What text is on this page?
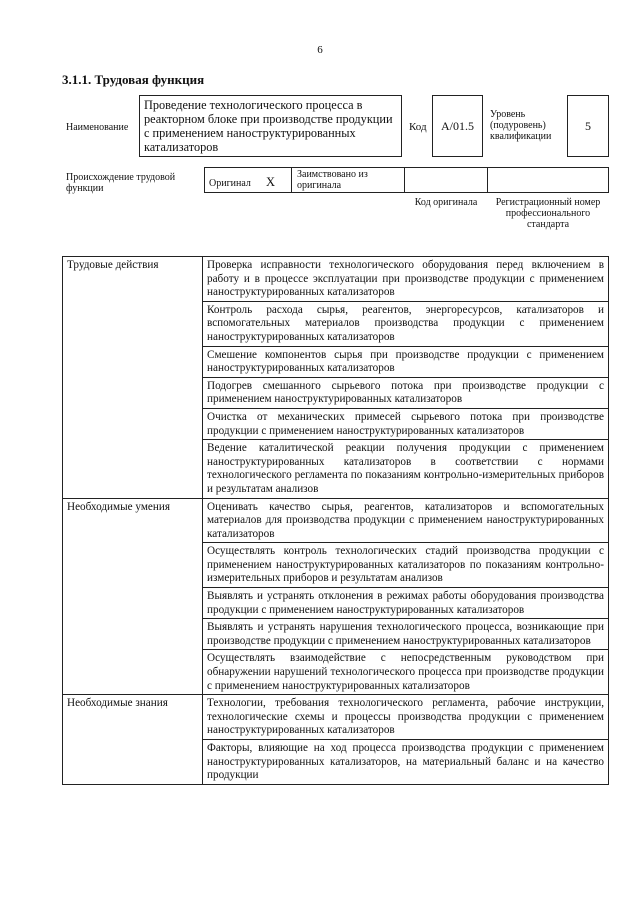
6
3.1.1. Трудовая функция
Наименование
Проведение технологического процесса в реакторном блоке при производстве продукции с применением наноструктурированных катализаторов
Код	A/01.5
Уровень (подуровень) квалификации
5
Происхождение трудовой функции	Оригинал X
Заимствовано из оригинала
Код оригинала	Регистрационный номер профессионального стандарта
Трудовые действия	Проверка исправности технологического оборудования перед включением в работу и в процессе эксплуатации при производстве продукции с применением наноструктурированных катализаторов
	Контроль расхода сырья, реагентов, энергоресурсов, катализаторов и вспомогательных материалов производства продукции с применением наноструктурированных катализаторов
	Смешение компонентов сырья при производстве продукции с применением наноструктурированных катализаторов
	Подогрев смешанного сырьевого потока при производстве продукции с применением наноструктурированных катализаторов
	Очистка от механических примесей сырьевого потока при производстве продукции с применением наноструктурированных катализаторов
	Ведение каталитической реакции получения продукции с применением наноструктурированных катализаторов в соответствии с нормами технологического регламента по показаниям контрольно-измерительных приборов и результатам анализов
Необходимые умения	Оценивать качество сырья, реагентов, катализаторов и вспомогательных материалов для производства продукции с применением наноструктурированных катализаторов
	Осуществлять контроль технологических стадий производства продукции с применением наноструктурированных катализаторов по показаниям контрольно-измерительных приборов и результатам анализов
	Выявлять и устранять отклонения в режимах работы оборудования производства продукции с применением наноструктурированных катализаторов
	Выявлять и устранять нарушения технологического процесса, возникающие при производстве продукции с применением наноструктурированных катализаторов
	Осуществлять взаимодействие с непосредственным руководством при обнаружении нарушений технологического процесса при производстве продукции с применением наноструктурированных катализаторов
Необходимые знания	Технологии, требования технологического регламента, рабочие инструкции, технологические схемы и процессы производства продукции с применением наноструктурированных катализаторов
	Факторы, влияющие на ход процесса производства продукции с применением наноструктурированных катализаторов, на материальный баланс и на качество продукции
